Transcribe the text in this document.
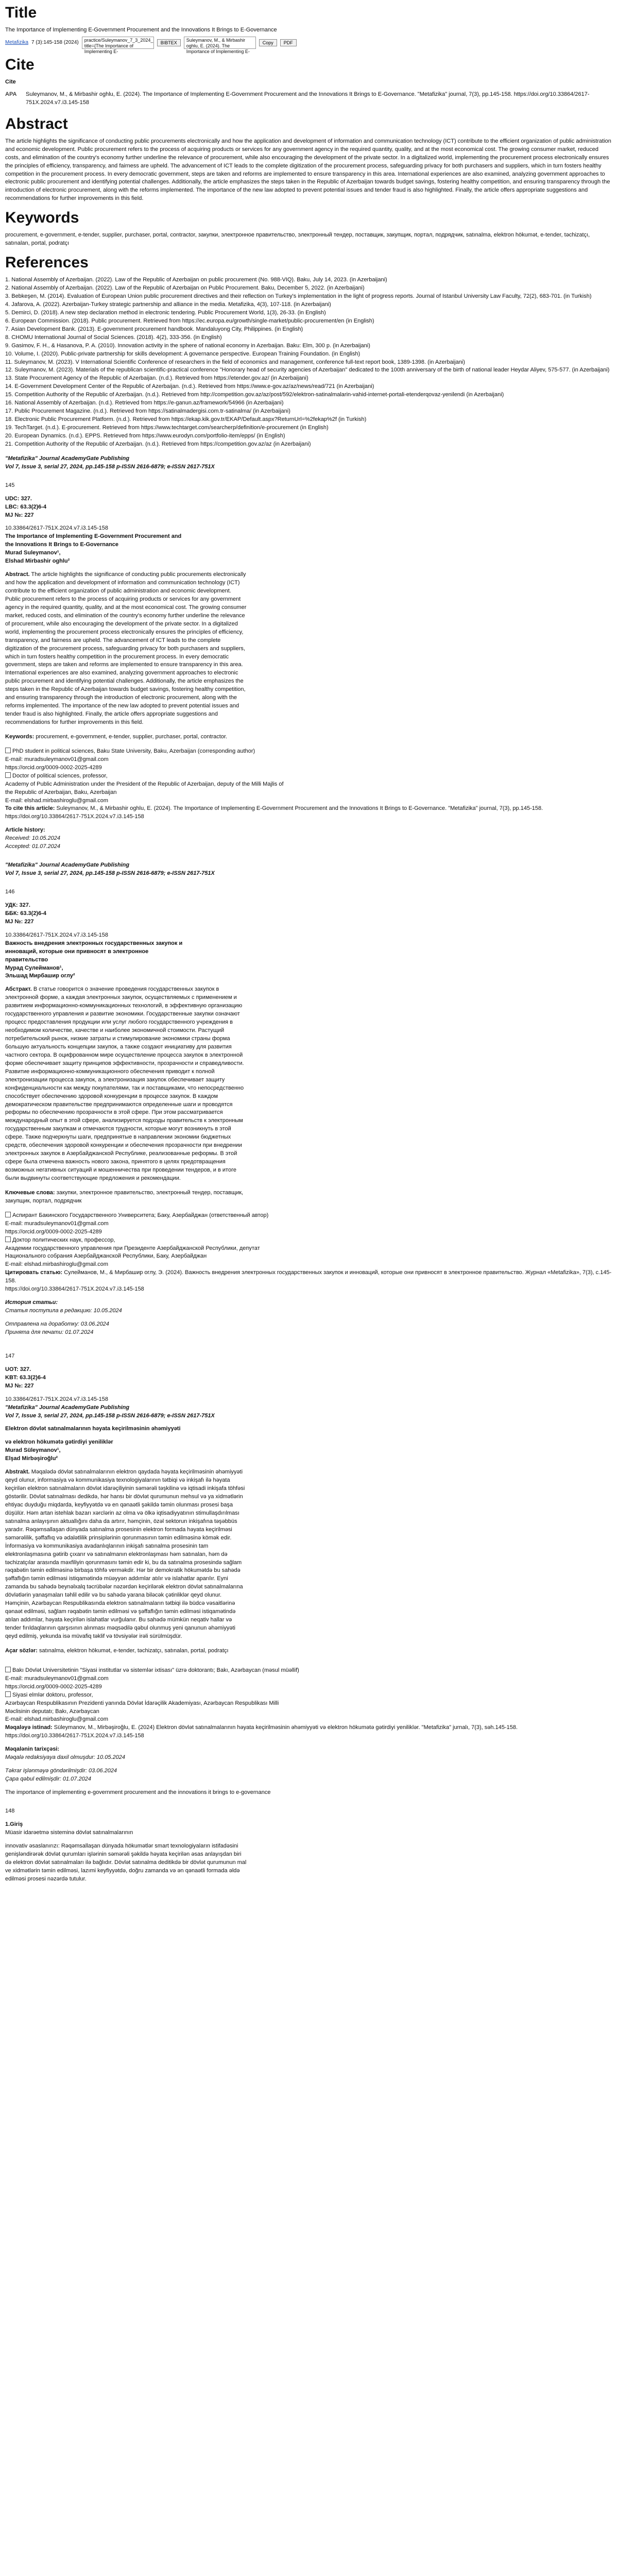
Title
The Importance of Implementing E-Government Procurement and the Innovations It Brings to E-Governance
Metafizika 7 (3):145-158 (2024)	practice/Suleymanov_7_3_2024_ title={The Importance of Implementing E-
BIBTEX	Suleymanov, M., & Mirbashir oghlu, E. (2024). The Importance of Implementing E-
Copy	PDF
Cite
Cite
APA	Suleymanov, M., & Mirbashir oghlu, E. (2024). The Importance of Implementing E-Government Procurement and the Innovations It Brings to E-Governance. "Metafizika" journal, 7(3), pp.145-158. https://doi.org/10.33864/2617-751X.2024.v7.i3.145-158
Abstract

The article highlights the significance of conducting public procurements electronically and how the application and development of information and communication technology (ICT) contribute to the efficient organization of public administration and economic development. Public procurement refers to the process of acquiring products or services for any government agency in the required quantity, quality, and at the most economical cost. The growing consumer market, reduced costs, and elimination of the country's economy further underline the relevance of procurement, while also encouraging the development of the private sector. In a digitalized world, implementing the procurement process electronically ensures the principles of efficiency, transparency, and fairness are upheld. The advancement of ICT leads to the complete digitization of the procurement process, safeguarding privacy for both purchasers and suppliers, which in turn fosters healthy competition in the procurement process. In every democratic government, steps are taken and reforms are implemented to ensure transparency in this area. International experiences are also examined, analyzing government approaches to electronic public procurement and identifying potential challenges. Additionally, the article emphasizes the steps taken in the Republic of Azerbaijan towards budget savings, fostering healthy competition, and ensuring transparency through the introduction of electronic procurement, along with the reforms implemented. The importance of the new law adopted to prevent potential issues and tender fraud is also highlighted. Finally, the article offers appropriate suggestions and recommendations for further improvements in this field.

Keywords

procurement, e-government, e-tender, supplier, purchaser, portal, contractor, закупки, электронное правительство, электронный тендер, поставщик, закупщик, портал, подрядчик, satınalma, elektron hökumət, e-tender, təchizatçı, satınalan, portal, podratçı

References

1. National Assembly of Azerbaijan. (2022). Law of the Republic of Azerbaijan on public procurement (No. 988-VIQ). Baku, July 14, 2023. (in Azerbaijani)

2. National Assembly of Azerbaijan. (2022). Law of the Republic of Azerbaijan on Public Procurement. Baku, December 5, 2022. (in Azerbaijani)

3. Bebkeşen, M. (2014). Evaluation of European Union public procurement directives and their reflection on Turkey's implementation in the light of progress reports. Journal of Istanbul University Law Faculty, 72(2), 683-701. (in Turkish)

4. Jafarova, A. (2022). Azerbaijan-Turkey strategic partnership and alliance in the media. Metafizika, 4(3), 107-118. (in Azerbaijani)

5. Demirci, D. (2018). A new step declaration method in electronic tendering. Public Procurement World, 1(3), 26-33. (in English)

6. European Commission. (2018). Public procurement. Retrieved from https://ec.europa.eu/growth/single-market/public-procurement/en (in English)

7. Asian Development Bank. (2013). E-government procurement handbook. Mandaluyong City, Philippines. (in English)

8. CHOMU International Journal of Social Sciences. (2018). 4(2), 333-356. (in English)

9. Gasimov, F. H., & Hasanova, P. A. (2010). Innovation activity in the sphere of national economy in Azerbaijan. Baku: Elm, 300 p. (in Azerbaijani)

10. Volume, I. (2020). Public-private partnership for skills development: A governance perspective. European Training Foundation. (in English)

11. Suleymanov, M. (2023). V International Scientific Conference of researchers in the field of economics and management, conference full-text report book, 1389-1398. (in Azerbaijani)

12. Suleymanov, M. (2023). Materials of the republican scientific-practical conference "Honorary head of security agencies of Azerbaijan" dedicated to the 100th anniversary of the birth of national leader Heydar Aliyev, 575-577. (in Azerbaijani)

13. State Procurement Agency of the Republic of Azerbaijan. (n.d.). Retrieved from https://etender.gov.az/ (in Azerbaijani)

14. E-Government Development Center of the Republic of Azerbaijan. (n.d.). Retrieved from https://www.e-gov.az/az/news/read/721 (in Azerbaijani)

15. Competition Authority of the Republic of Azerbaijan. (n.d.). Retrieved from http://competition.gov.az/az/post/592/elektron-satinalmalarin-vahid-internet-portali-etenderqovaz-yenilendi (in Azerbaijani)

16. National Assembly of Azerbaijan. (n.d.). Retrieved from https://e-ganun.az/framework/54966 (in Azerbaijani)

17. Public Procurement Magazine. (n.d.). Retrieved from https://satinalmadergisi.com.tr-satinalma/ (in Azerbaijani)

18. Electronic Public Procurement Platform. (n.d.). Retrieved from https://ekap.kik.gov.tr/EKAP/Default.aspx?ReturnUrl=%2fekap%2f (in Turkish)

19. TechTarget. (n.d.). E-procurement. Retrieved from https://www.techtarget.com/searcherp/definition/e-procurement (in English)

20. European Dynamics. (n.d.). EPPS. Retrieved from https://www.eurodyn.com/portfolio-item/epps/ (in English)

21. Competition Authority of the Republic of Azerbaijan. (n.d.). Retrieved from https://competition.gov.az/az (in Azerbaijani)

"Metafizika" Journal AcademyGate Publishing
Vol 7, Issue 3, serial 27, 2024, pp.145-158 p-ISSN 2616-6879; e-ISSN 2617-751X
145
UDC: 327.
LBC: 63.3(2)6-4
MJ №: 227
10.33864/2617-751X.2024.v7.i3.145-158
The Importance of Implementing E-Government Procurement and
the Innovations It Brings to E-Governance
Murad Suleymanov¹,
Elshad Mirbashir oghlu²

Abstract. The article highlights the significance of conducting public procurements electronically and how the application and development of information and communication technology (ICT) contribute to the efficient organization of public administration and economic development. Public procurement refers to the process of acquiring products or services for any government agency in the required quantity, quality, and at the most economical cost. The growing consumer market, reduced costs, and elimination of the country's economy further underline the relevance of procurement, while also encouraging the development of the private sector. In a digitalized world, implementing the procurement process electronically ensures the principles of efficiency, transparency, and fairness are upheld. The advancement of ICT leads to the complete digitization of the procurement process, safeguarding privacy for both purchasers and suppliers, which in turn fosters healthy competition in the procurement process. In every democratic government, steps are taken and reforms are implemented to ensure transparency in this area. International experiences are also examined, analyzing government approaches to electronic public procurement and identifying potential challenges. Additionally, the article emphasizes the steps taken in the Republic of Azerbaijan towards budget savings, fostering healthy competition, and ensuring transparency through the introduction of electronic procurement, along with the reforms implemented. The importance of the new law adopted to prevent potential issues and tender fraud is also highlighted. Finally, the article offers appropriate suggestions and recommendations for further improvements in this field.

Keywords: procurement, e-government, e-tender, supplier, purchaser, portal, contractor.

PhD student in political sciences, Baku State University, Baku, Azerbaijan (corresponding author)
E-mail: muradsuleymanov01@gmail.com
https://orcid.org/0009-0002-2025-4289
Doctor of political sciences, professor,
Academy of Public Administration under the President of the Republic of Azerbaijan, deputy of the Milli Majlis of
the Republic of Azerbaijan, Baku, Azerbaijan
E-mail: elshad.mirbashiroglu@gmail.com
To cite this article: Suleymanov, M., & Mirbashir oghlu, E. (2024). The Importance of Implementing E-Government Procurement and the Innovations It Brings to E-Governance. "Metafizika" journal, 7(3), pp.145-158.
https://doi.org/10.33864/2617-751X.2024.v7.i3.145-158
Article history:
Received: 10.05.2024
Accepted: 01.07.2024
"Metafizika" Journal AcademyGate Publishing
Vol 7, Issue 3, serial 27, 2024, pp.145-158 p-ISSN 2616-6879; e-ISSN 2617-751X
146
УДК: 327.
ББК: 63.3(2)6-4
MJ №: 227
10.33864/2617-751X.2024.v7.i3.145-158
Важность внедрения электронных государственных закупок и
инноваций, которые они привносят в электронное
правительство
Мурад Сулейманов¹,
Эльшад Мирбашир оглу²

Абстракт. В статье говорится о значение проведения государственных закупок в электронной форме, а каждая электронных закупок, осуществляемых с применением и развитием информационно-коммуникационных технологий, в эффективную организацию государственного управления и развитие экономики. Государственные закупки означают процесс предоставления продукции или услуг любого государственного учреждения в необходимом количестве, качестве и наиболее экономичной стоимости. Растущий потребительский рынок, низкие затраты и стимулирование экономики страны форма большую актуальность концепции закупок, а также создают инициативу для развития частного сектора. В оцифрованном мире осуществление процесса закупок в электронной форме обеспечивает защиту принципов эффективности, прозрачности и справедливости. Развитие информационно-коммуникационного обеспечения приводит к полной электронизации процесса закупок, а электронизация закупок обеспечивает защиту конфиденциальности как между покупателями, так и поставщиками, что непосредственно способствует обеспечению здоровой конкуренции в процессе закупок. В каждом демократическом правительстве предпринимаются определенные шаги и проводятся реформы по обеспечению прозрачности в этой сфере. При этом рассматривается международный опыт в этой сфере, анализируется подходы правительств к электронным государственным закупкам и отмечаются трудности, которые могут возникнуть в этой сфере. Также подчеркнуты шаги, предпринятые в направлении экономии бюджетных средств, обеспечения здоровой конкуренции и обеспечения прозрачности при внедрении электронных закупок в Азербайджанской Республике, реализованные реформы. В этой сфере была отмечена важность нового закона, принятого в целях предотвращения возможных негативных ситуаций и мошенничества при проведении тендеров, и в итоге были выдвинуты соответствующие предложения и рекомендации.

Ключевые слова: закупки, электронное правительство, электронный тендер, поставщик, закупщик, портал, подрядчик

Аспирант Бакинского Государственного Университета; Баку, Азербайджан (ответственный автор)
E-mail: muradsuleymanov01@gmail.com
https://orcid.org/0009-0002-2025-4289
Доктор политических наук, профессор,
Академии государственного управления при Президенте Азербайджанской Республики, депутат
Национального собрания Азербайджанской Республики, Баку, Азербайджан
E-mail: elshad.mirbashiroglu@gmail.com
Цитировать статью: Сулейманов, М., & Мирбашир оглу, Э. (2024). Важность внедрения электронных государственных закупок и инноваций, которые они привносят в электронное правительство. Журнал «Metafizika», 7(3), c.145-158.
https://doi.org/10.33864/2617-751X.2024.v7.i3.145-158
История статьи:
Статья поступила в редакцию: 10.05.2024
Отправлена на доработку: 03.06.2024
Принята для печати: 01.07.2024
147
UOT: 327.
KBT: 63.3(2)6-4
MJ №: 227
10.33864/2617-751X.2024.v7.i3.145-158
"Metafizika" Journal AcademyGate Publishing
Vol 7, Issue 3, serial 27, 2024, pp.145-158 p-ISSN 2616-6879; e-ISSN 2617-751X
Elektron dövlət satınalmalarının həyata keçirilməsinin əhəmiyyəti
və elektron hökumətə gətirdiyi yeniliklər
Murad Süleymanov¹,
Elşad Mirbəşiroğlu²

Abstrakt. Məqalədə dövlət satınalmalarının elektron qaydada həyata keçirilməsinin əhəmiyyəti qeyd olunur, informasiya və kommunikasiya texnologiyalarının tətbiqi və inkişafı ilə həyata keçirilən elektron satınalmaların dövlət idarəçiliyinin səmərəli təşkilinə və iqtisadi inkişafa töhfəsi göstərilir. Dövlət satınalması dedikdə, hər hansı bir dövlət qurumunun mehsul və ya xidmətlərin ehtiyac duyduğu miqdarda, keyfiyyətdə və en qənaətli şəkildə təmin olunması prosesi başa düşülür. Həm artan istehlak bazarı xərclərin az olma və ölkə iqtisadiyyatının stimullaşdırılması satınalma anlayışının aktuallığını daha da artırır, həmçinin, özəl sektorun inkişafına təşəbbüs yaradır. Rəqəmsallaşan dünyada satınalma prosesinin elektron formada həyata keçirilməsi səmərəlilik, şəffaflıq və ədalətlilik prinsiplərinin qorunmasının təmin edilməsinə kömək edir. İnformasiya və kommunikasiya avadanlıqlarının inkişafı satınalma prosesinin tam elektronlaşmasına gətirib çıxarır və satınalmanın elektronlaşması həm satınalan, həm də təchizatçılar arasında məxfiliyin qorunmasını təmin edir ki, bu da satınalma prosesində sağlam rəqabətin təmin edilməsinə birbaşa töhfə verməkdir. Hər bir demokratik hökumətdə bu sahədə şəffaflığın təmin edilməsi istiqamətində müəyyən addımlar atılır və islahatlar aparılır. Eyni zamanda bu sahədə beynəlxalq təcrübələr nəzərdən keçirilərək elektron dövlət satınalmalarına dövlətlərin yanaşmaları təhlil edilir və bu sahədə yarana biləcək çətinliklər qeyd olunur. Həmçinin, Azərbaycan Respublikasında elektron satınalmaların tətbiqi ilə büdcə vəsaitlərinə qənaət edilməsi, sağlam rəqabətin təmin edilməsi və şəffaflığın təmin edilməsi istiqamətində atılan addımlar, həyata keçirilən islahatlar vurğulanır. Bu sahədə mümkün neqativ hallar və tender fırıldaqlarının qarşısının alınması məqsədilə qəbul olunmuş yeni qanunun əhəmiyyəti qeyd edilmiş, yekunda isə müvafiq təklif və tövsiyələr irəli sürülmüşdür.

Açar sözlər: satınalma, elektron hökumət, e-tender, təchizatçı, satınalan, portal, podratçı

Bakı Dövlət Universitetinin "Siyasi institutlar və sistemlər ixtisası" üzrə doktorantı; Bakı, Azərbaycan (məsul müəllif)
E-mail: muradsuleymanov01@gmail.com
https://orcid.org/0009-0002-2025-4289
Siyasi elmlər doktoru, professor,
Azərbaycan Respublikasının Prezidenti yanında Dövlət İdarəçilik Akademiyası, Azərbaycan Respublikası Milli
Məclisinin deputatı; Bakı, Azərbaycan
E-mail: elshad.mirbashiroglu@gmail.com
Məqaləyə istinad: Süleymanov, M., Mirbəşiroğlu, E. (2024) Elektron dövlət satınalmalarının həyata keçirilməsinin əhəmiyyəti və elektron hökumətə gətirdiyi yeniliklər. "Metafizika" jurnalı, 7(3), səh.145-158.
https://doi.org/10.33864/2617-751X.2024.v7.i3.145-158
Məqalənin tarixçəsi:
Məqalə redaksiyaya daxil olmuşdur: 10.05.2024
Təkrar işlənməyə göndərilmişdir: 03.06.2024
Çapa qəbul edilmişdir: 01.07.2024
The importance of implementing e-government procurement and the innovations it brings to e-governance
148
1.Giriş
Müasir idarəetmə sisteminə dövlət satınalmalarının

innovativ əsaslanırızı: Rəqəmsallaşan dünyada hökumətlər smart texnologiyaların istifadəsini genişləndirərək dövlət qurumları işlərinin səmərəli şəkildə həyata keçirilən əsas anlayışdan biri də elektron dövlət satınalmaları ilə bağlıdır. Dövlət satınalma deditikdə bir dövlət qurumunun mal ve xidmətlərin təmin edilməsi, lazımi keyfiyyətdə, doğru zamanda və ən qənaətli formada əldə edilməsi prosesi nəzərdə tutulur.
